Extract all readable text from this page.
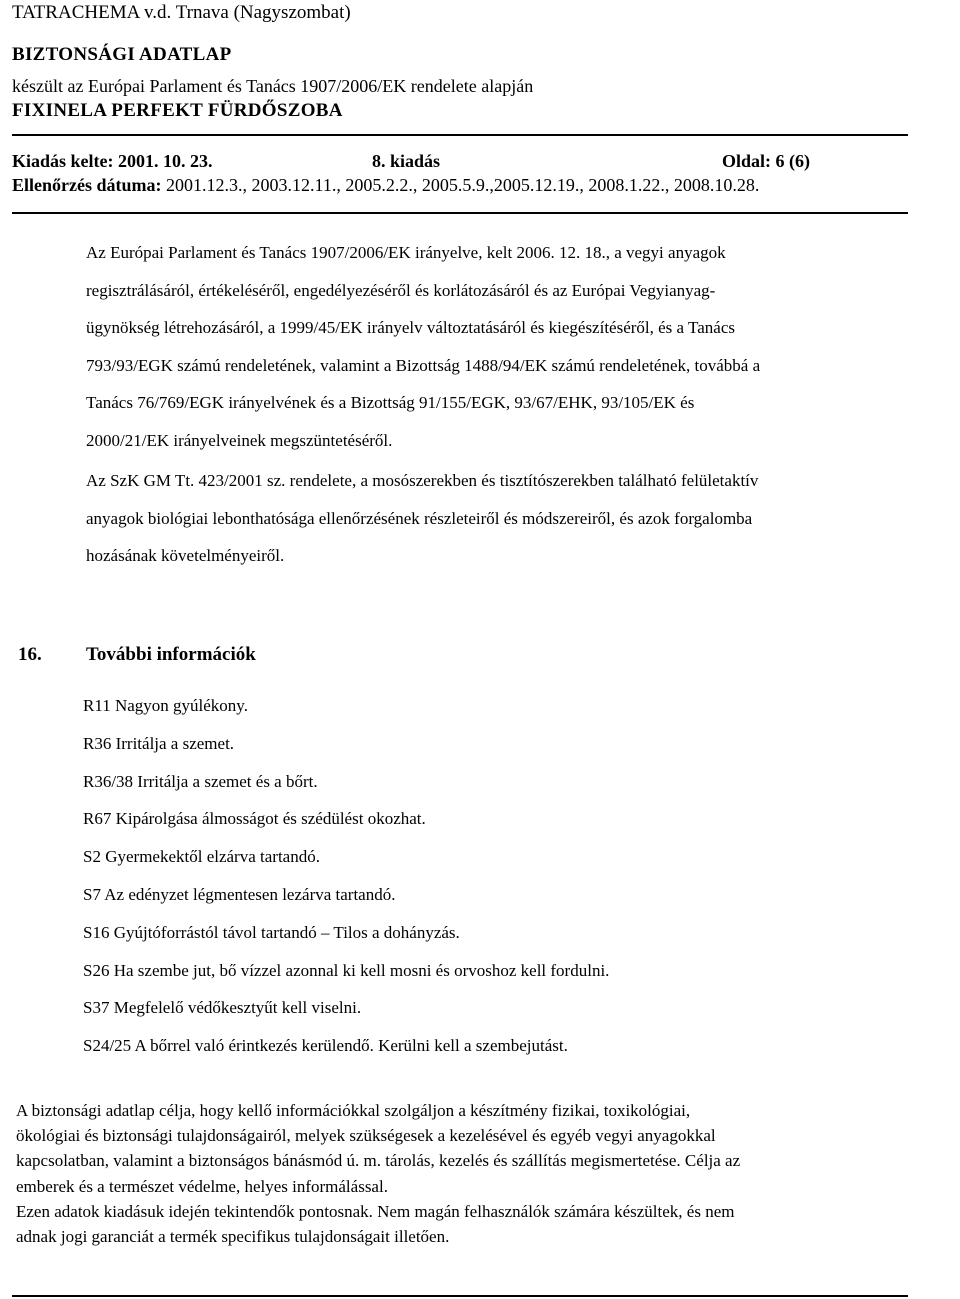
TATRACHEMA v.d. Trnava (Nagyszombat)
BIZTONSÁGI ADATLAP
készült az Európai Parlament és Tanács 1907/2006/EK rendelete alapján
FIXINELA PERFEKT FÜRDŐSZOBA
Kiadás kelte: 2001. 10. 23.	8. kiadás	Oldal: 6 (6)
Ellenőrzés dátuma: 2001.12.3., 2003.12.11., 2005.2.2., 2005.5.9.,2005.12.19., 2008.1.22., 2008.10.28.

Az Európai Parlament és Tanács 1907/2006/EK irányelve, kelt 2006. 12. 18., a vegyi anyagok

regisztrálásáról, értékeléséről, engedélyezéséről és korlátozásáról és az Európai Vegyianyag-

ügynökség létrehozásáról, a 1999/45/EK irányelv változtatásáról és kiegészítéséről, és a Tanács

793/93/EGK számú rendeletének, valamint a Bizottság 1488/94/EK számú rendeletének, továbbá a

Tanács 76/769/EGK irányelvének és a Bizottság 91/155/EGK, 93/67/EHK, 93/105/EK és

2000/21/EK irányelveinek megszüntetéséről.

Az SzK GM Tt. 423/2001 sz. rendelete, a mosószerekben és tisztítószerekben található felületaktív

anyagok biológiai lebonthatósága ellenőrzésének részleteiről és módszereiről, és azok forgalomba

hozásának követelményeiről.

16. További információk
R11 Nagyon gyúlékony.
R36 Irritálja a szemet.
R36/38 Irritálja a szemet és a bőrt.
R67 Kipárolgása álmosságot és szédülést okozhat.
S2 Gyermekektől elzárva tartandó.
S7 Az edényzet légmentesen lezárva tartandó.
S16 Gyújtóforrástól távol tartandó – Tilos a dohányzás.
S26 Ha szembe jut, bő vízzel azonnal ki kell mosni és orvoshoz kell fordulni.
S37 Megfelelő védőkesztyűt kell viselni.
S24/25 A bőrrel való érintkezés kerülendő. Kerülni kell a szembejutást.

A biztonsági adatlap célja, hogy kellő információkkal szolgáljon a készítmény fizikai, toxikológiai,

ökológiai és biztonsági tulajdonságairól, melyek szükségesek a kezelésével és egyéb vegyi anyagokkal

kapcsolatban, valamint a biztonságos bánásmód ú. m. tárolás, kezelés és szállítás megismertetése. Célja az

emberek és a természet védelme, helyes informálással.

Ezen adatok kiadásuk idején tekintendők pontosnak. Nem magán felhasználók számára készültek, és nem

adnak jogi garanciát a termék specifikus tulajdonságait illetően.
